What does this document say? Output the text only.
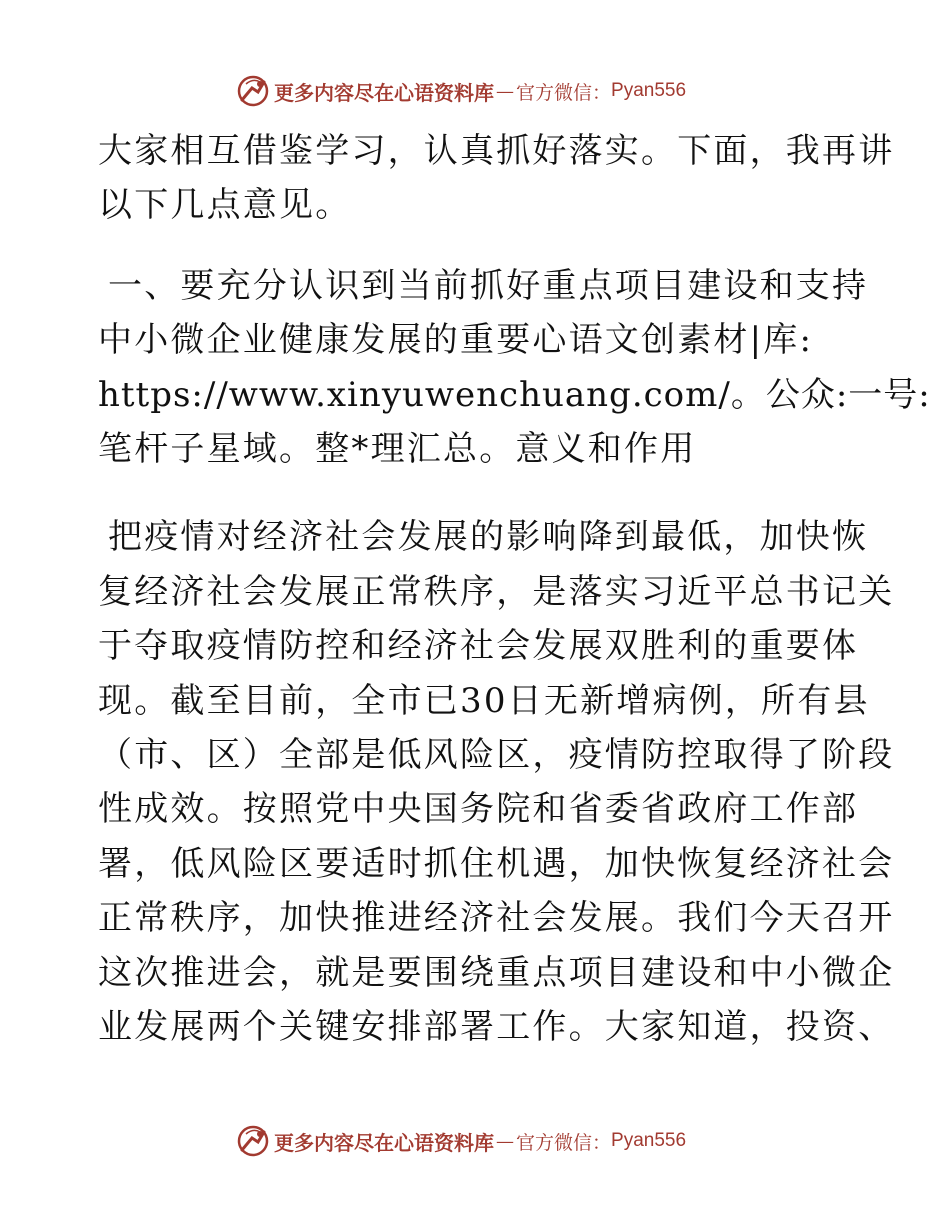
更多内容尽在心语资料库 — 官方微信： Pyan556

大家相互借鉴学习，认真抓好落实。下面，我再讲
以下几点意见。

一、要充分认识到当前抓好重点项目建设和支持
中小微企业健康发展的重要心语文创素材|库:
https://www.xinyuwenchuang.com/。公众:一号:
笔杆子星域。整*理汇总。意义和作用

把疫情对经济社会发展的影响降到最低，加快恢
复经济社会发展正常秩序，是落实习近平总书记关
于夺取疫情防控和经济社会发展双胜利的重要体
现。截至目前，全市已30日无新增病例，所有县
（市、区）全部是低风险区，疫情防控取得了阶段
性成效。按照党中央国务院和省委省政府工作部
署，低风险区要适时抓住机遇，加快恢复经济社会
正常秩序，加快推进经济社会发展。我们今天召开
这次推进会，就是要围绕重点项目建设和中小微企
业发展两个关键安排部署工作。大家知道，投资、

更多内容尽在心语资料库 — 官方微信： Pyan556
